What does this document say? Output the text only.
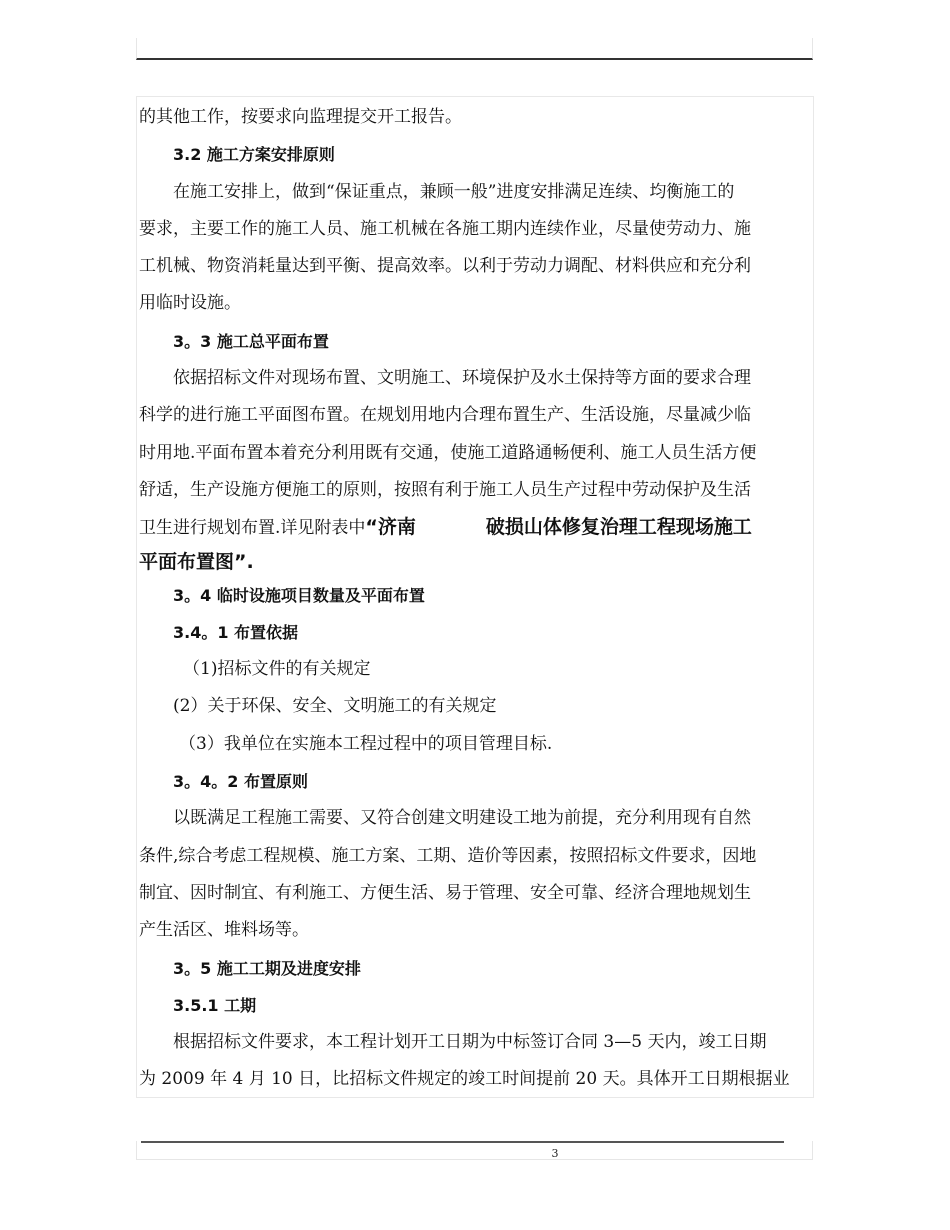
的其他工作，按要求向监理提交开工报告。
3.2 施工方案安排原则
在施工安排上，做到“保证重点，兼顾一般”进度安排满足连续、均衡施工的
要求，主要工作的施工人员、施工机械在各施工期内连续作业，尽量使劳动力、施
工机械、物资消耗量达到平衡、提高效率。以利于劳动力调配、材料供应和充分利
用临时设施。
3。3 施工总平面布置
依据招标文件对现场布置、文明施工、环境保护及水土保持等方面的要求合理
科学的进行施工平面图布置。在规划用地内合理布置生产、生活设施，尽量减少临
时用地.平面布置本着充分利用既有交通，使施工道路通畅便利、施工人员生活方便
舒适，生产设施方便施工的原则，按照有利于施工人员生产过程中劳动保护及生活
卫生进行规划布置.详见附表中“济南	破损山体修复治理工程现场施工
平面布置图”.
3。4 临时设施项目数量及平面布置
3.4。1 布置依据
（1)招标文件的有关规定
(2）关于环保、安全、文明施工的有关规定
（3）我单位在实施本工程过程中的项目管理目标.
3。4。2 布置原则
以既满足工程施工需要、又符合创建文明建设工地为前提，充分利用现有自然
条件,综合考虑工程规模、施工方案、工期、造价等因素，按照招标文件要求，因地
制宜、因时制宜、有利施工、方便生活、易于管理、安全可靠、经济合理地规划生
产生活区、堆料场等。
3。5 施工工期及进度安排
3.5.1 工期
根据招标文件要求，本工程计划开工日期为中标签订合同 3—5 天内，竣工日期
为 2009 年 4 月 10 日，比招标文件规定的竣工时间提前 20 天。具体开工日期根据业
3
